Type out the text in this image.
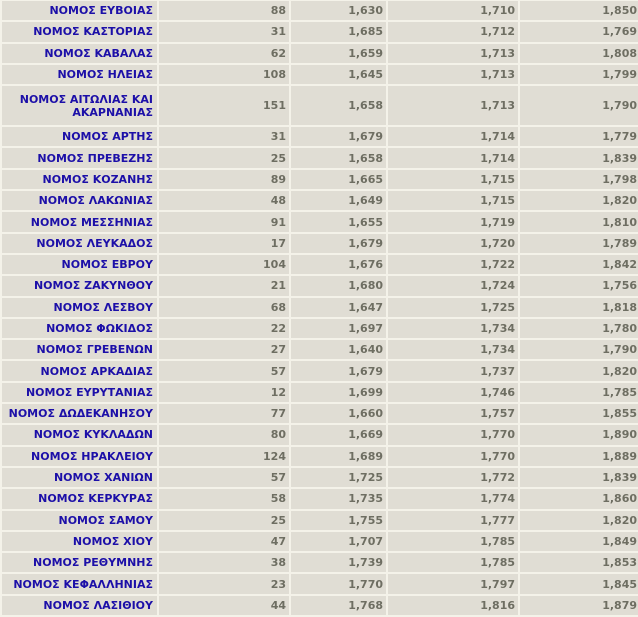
ΝΟΜΟΣ ΕΥΒΟΙΑΣ	88	1,630	1,710	1,850
ΝΟΜΟΣ ΚΑΣΤΟΡΙΑΣ	31	1,685	1,712	1,769
ΝΟΜΟΣ ΚΑΒΑΛΑΣ	62	1,659	1,713	1,808
ΝΟΜΟΣ ΗΛΕΙΑΣ	108	1,645	1,713	1,799
ΝΟΜΟΣ ΑΙΤΩΛΙΑΣ ΚΑΙ ΑΚΑΡΝΑΝΙΑΣ	151	1,658	1,713	1,790
ΝΟΜΟΣ ΑΡΤΗΣ	31	1,679	1,714	1,779
ΝΟΜΟΣ ΠΡΕΒΕΖΗΣ	25	1,658	1,714	1,839
ΝΟΜΟΣ ΚΟΖΑΝΗΣ	89	1,665	1,715	1,798
ΝΟΜΟΣ ΛΑΚΩΝΙΑΣ	48	1,649	1,715	1,820
ΝΟΜΟΣ ΜΕΣΣΗΝΙΑΣ	91	1,655	1,719	1,810
ΝΟΜΟΣ ΛΕΥΚΑΔΟΣ	17	1,679	1,720	1,789
ΝΟΜΟΣ ΕΒΡΟΥ	104	1,676	1,722	1,842
ΝΟΜΟΣ ΖΑΚΥΝΘΟΥ	21	1,680	1,724	1,756
ΝΟΜΟΣ ΛΕΣΒΟΥ	68	1,647	1,725	1,818
ΝΟΜΟΣ ΦΩΚΙΔΟΣ	22	1,697	1,734	1,780
ΝΟΜΟΣ ΓΡΕΒΕΝΩΝ	27	1,640	1,734	1,790
ΝΟΜΟΣ ΑΡΚΑΔΙΑΣ	57	1,679	1,737	1,820
ΝΟΜΟΣ ΕΥΡΥΤΑΝΙΑΣ	12	1,699	1,746	1,785
ΝΟΜΟΣ ΔΩΔΕΚΑΝΗΣΟΥ	77	1,660	1,757	1,855
ΝΟΜΟΣ ΚΥΚΛΑΔΩΝ	80	1,669	1,770	1,890
ΝΟΜΟΣ ΗΡΑΚΛΕΙΟΥ	124	1,689	1,770	1,889
ΝΟΜΟΣ ΧΑΝΙΩΝ	57	1,725	1,772	1,839
ΝΟΜΟΣ ΚΕΡΚΥΡΑΣ	58	1,735	1,774	1,860
ΝΟΜΟΣ ΣΑΜΟΥ	25	1,755	1,777	1,820
ΝΟΜΟΣ ΧΙΟΥ	47	1,707	1,785	1,849
ΝΟΜΟΣ ΡΕΘΥΜΝΗΣ	38	1,739	1,785	1,853
ΝΟΜΟΣ ΚΕΦΑΛΛΗΝΙΑΣ	23	1,770	1,797	1,845
ΝΟΜΟΣ ΛΑΣΙΘΙΟΥ	44	1,768	1,816	1,879
